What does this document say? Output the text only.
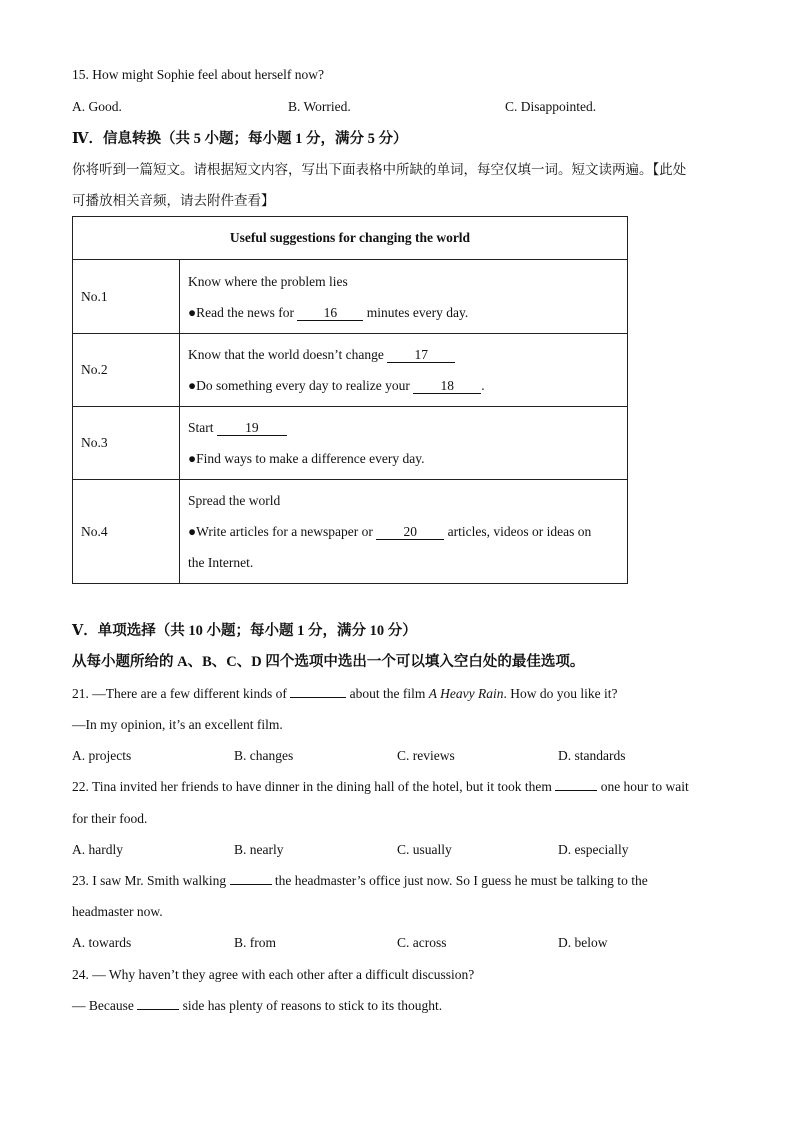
15. How might Sophie feel about herself now?
A. Good.	B. Worried.	C. Disappointed.
Ⅳ．信息转换（共 5 小题；每小题 1 分，满分 5 分）
你将听到一篇短文。请根据短文内容，写出下面表格中所缺的单词，每空仅填一词。短文读两遍。【此处
可播放相关音频，请去附件查看】
Useful suggestions for changing the world	
No.1	Know where the problem lies
●Read the news for 16 minutes every day.

No.2	Know that the world doesn’t change 17
●Do something every day to realize your 18 .

No.3	Start 19
●Find ways to make a difference every day.

No.4	Spread the world
●Write articles for a newspaper or 20 articles, videos or ideas on
the Internet.
Ⅴ．单项选择（共 10 小题；每小题 1 分，满分 10 分）
从每小题所给的 A、B、C、D 四个选项中选出一个可以填入空白处的最佳选项。
21. —There are a few different kinds of	about the film A Heavy Rain. How do you like it?
—In my opinion, it’s an excellent film.
A. projects	B. changes	C. reviews	D. standards
22. Tina invited her friends to have dinner in the dining hall of the hotel, but it took them	one hour to wait
for their food.
A. hardly	B. nearly	C. usually	D. especially
23. I saw Mr. Smith walking	the headmaster’s office just now. So I guess he must be talking to the
headmaster now.
A. towards	B. from	C. across	D. below
24. — Why haven’t they agree with each other after a difficult discussion?
— Because	side has plenty of reasons to stick to its thought.
